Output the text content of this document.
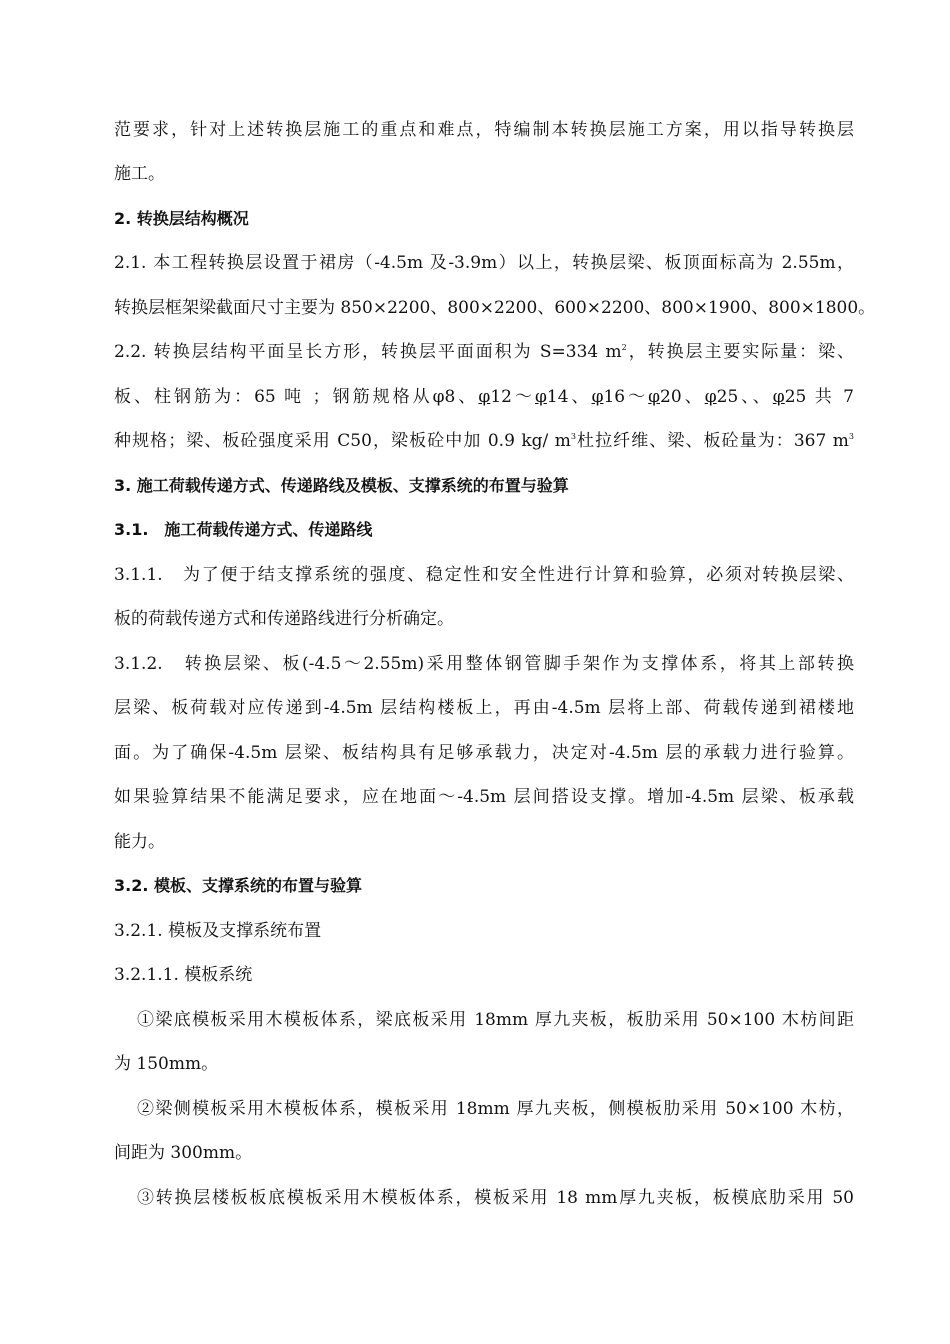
范要求，针对上述转换层施工的重点和难点，特编制本转换层施工方案，用以指导转换层
施工。
2. 转换层结构概况
2.1. 本工程转换层设置于裙房（-4.5m 及-3.9m）以上，转换层梁、板顶面标高为 2.55m，
转换层框架梁截面尺寸主要为 850×2200、800×2200、600×2200、800×1900、800×1800。
2.2. 转换层结构平面呈长方形，转换层平面面积为 S=334 $m^2$，转换层主要实际量：梁、
板、柱钢筋为：65 吨 ；钢筋规格从φ8、φ12～φ14、φ16～φ20、φ25、、φ25 共 7
种规格；梁、板砼强度采用 C50，梁板砼中加 0.9 kg/ $m^3$杜拉纤维、梁、板砼量为：367 $m^3$
3. 施工荷载传递方式、传递路线及模板、支撑系统的布置与验算
3.1.　施工荷载传递方式、传递路线
3.1.1.　为了便于结支撑系统的强度、稳定性和安全性进行计算和验算，必须对转换层梁、
板的荷载传递方式和传递路线进行分析确定。
3.1.2.　转换层梁、板(-4.5～2.55m)采用整体钢管脚手架作为支撑体系，将其上部转换
层梁、板荷载对应传递到-4.5m 层结构楼板上，再由-4.5m 层将上部、荷载传递到裙楼地
面。为了确保-4.5m 层梁、板结构具有足够承载力，决定对-4.5m 层的承载力进行验算。
如果验算结果不能满足要求，应在地面～-4.5m 层间搭设支撑。增加-4.5m 层梁、板承载
能力。
3.2. 模板、支撑系统的布置与验算
3.2.1. 模板及支撑系统布置
3.2.1.1. 模板系统
①梁底模板采用木模板体系，梁底板采用 18mm 厚九夹板，板肋采用 50×100 木枋间距
为 150mm。
②梁侧模板采用木模板体系，模板采用 18mm 厚九夹板，侧模板肋采用 50×100 木枋，
间距为 300mm。
③转换层楼板板底模板采用木模板体系，模板采用 18 mm厚九夹板，板模底肋采用 50
